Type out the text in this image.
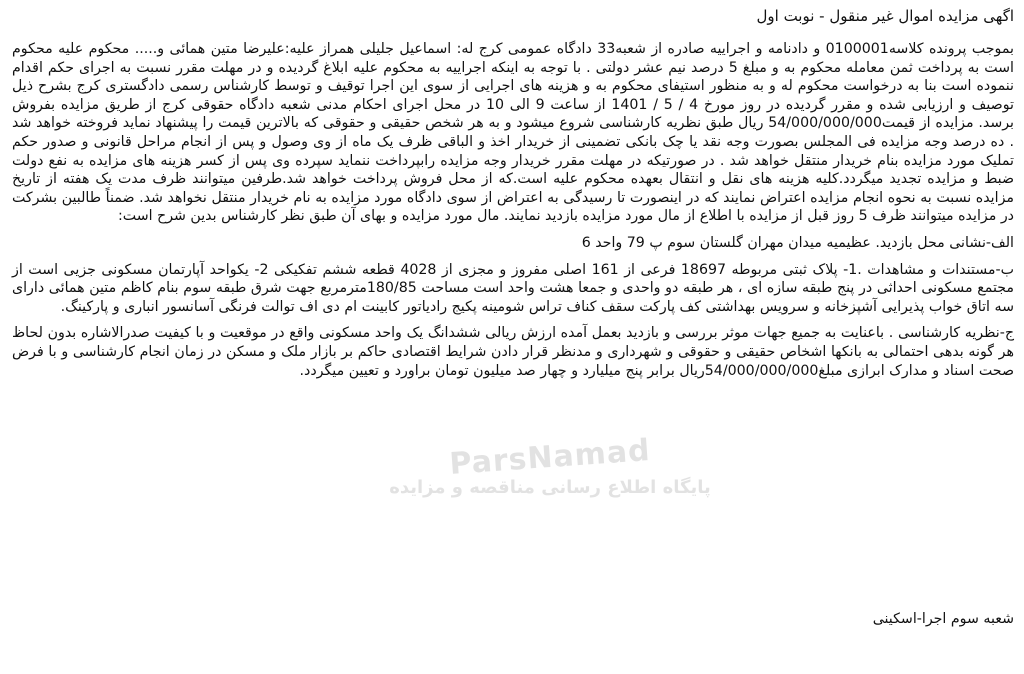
ParsNamad
پایگاه اطلاع رسانی مناقصه و مزایده
اگهی مزایده اموال غیر منقول - نوبت اول
بموجب پرونده کلاسه0100001 و دادنامه و اجراییه صادره از شعبه33 دادگاه عمومی کرج له: اسماعیل جلیلی همراز علیه:علیرضا متین همائی و..... محکوم علیه محکوم است به پرداخت ثمن معامله محکوم به و مبلغ 5 درصد نیم عشر دولتی . با توجه به اینکه اجراییه به محکوم علیه ابلاغ گردیده و در مهلت مقرر نسبت به اجرای حکم اقدام ننموده است بنا به درخواست محکوم له و به منظور استیفای محکوم به و هزینه های اجرایی از سوی این اجرا توقیف و توسط کارشناس رسمی دادگستری کرج بشرح ذیل توصیف و ارزیابی شده و مقرر گردیده در روز مورخ 4 / 5 / 1401 از ساعت 9 الی 10 در محل اجرای احکام مدنی شعبه دادگاه حقوقی کرج از طریق مزایده بفروش برسد. مزایده از قیمت54/000/000/000 ریال طبق نظریه کارشناسی شروع میشود و به هر شخص حقیقی و حقوقی که بالاترین قیمت را پیشنهاد نماید فروخته خواهد شد . ده درصد وجه مزایده فی المجلس بصورت وجه نقد یا چک بانکی تضمینی از خریدار اخذ و الباقی ظرف یک ماه از وی وصول و پس از انجام مراحل قانونی و صدور حکم تملیک مورد مزایده بنام خریدار منتقل خواهد شد . در صورتیکه در مهلت مقرر خریدار وجه مزایده رابپرداخت ننماید سپرده وی پس از کسر هزینه های مزایده به نفع دولت ضبط و مزایده تجدید میگردد.کلیه هزینه های نقل و انتقال بعهده محکوم علیه است.که از محل فروش پرداخت خواهد شد.طرفین میتوانند ظرف مدت یک هفته از تاریخ مزایده نسبت به نحوه انجام مزایده اعتراض نمایند که در اینصورت تا رسیدگی به اعتراض از سوی دادگاه مورد مزایده به نام خریدار منتقل نخواهد شد. ضمناً طالبین بشرکت در مزایده میتوانند ظرف 5 روز قبل از مزایده با اطلاع از مال مورد مزایده بازدید نمایند. مال مورد مزایده و بهای آن طبق نظر کارشناس بدین شرح است:
الف-نشانی محل بازدید. عظیمیه میدان مهران گلستان سوم پ 79 واحد 6
ب-مستندات و مشاهدات .1- پلاک ثبتی مربوطه 18697 فرعی از 161 اصلی مفروز و مجزی از 4028 قطعه ششم تفکیکی 2- یکواحد آپارتمان مسکونی جزیی است از مجتمع مسکونی احداثی در پنج طبقه سازه ای ، هر طبقه دو واحدی و جمعا هشت واحد است مساحت 180/85مترمربع جهت شرق طبقه سوم بنام کاظم متین همائی دارای سه اتاق خواب پذیرایی آشپزخانه و سرویس بهداشتی کف پارکت سقف کناف تراس شومینه پکیج رادیاتور کابینت ام دی اف توالت فرنگی آسانسور انباری و پارکینگ.
ج-نظریه کارشناسی . باعنایت به جمیع جهات موثر بررسی و بازدید بعمل آمده ارزش ریالی ششدانگ یک واحد مسکونی واقع در موقعیت و با کیفیت صدرالاشاره بدون لحاظ هر گونه بدهی احتمالی به بانکها اشخاص حقیقی و حقوقی و شهرداری و مدنظر قرار دادن شرایط اقتصادی حاکم بر بازار ملک و مسکن در زمان انجام کارشناسی و با فرض صحت اسناد و مدارک ابرازی مبلغ54/000/000/000ریال برابر پنج میلیارد و چهار صد میلیون تومان براورد و تعیین میگردد.
شعبه سوم اجرا-اسکینی
